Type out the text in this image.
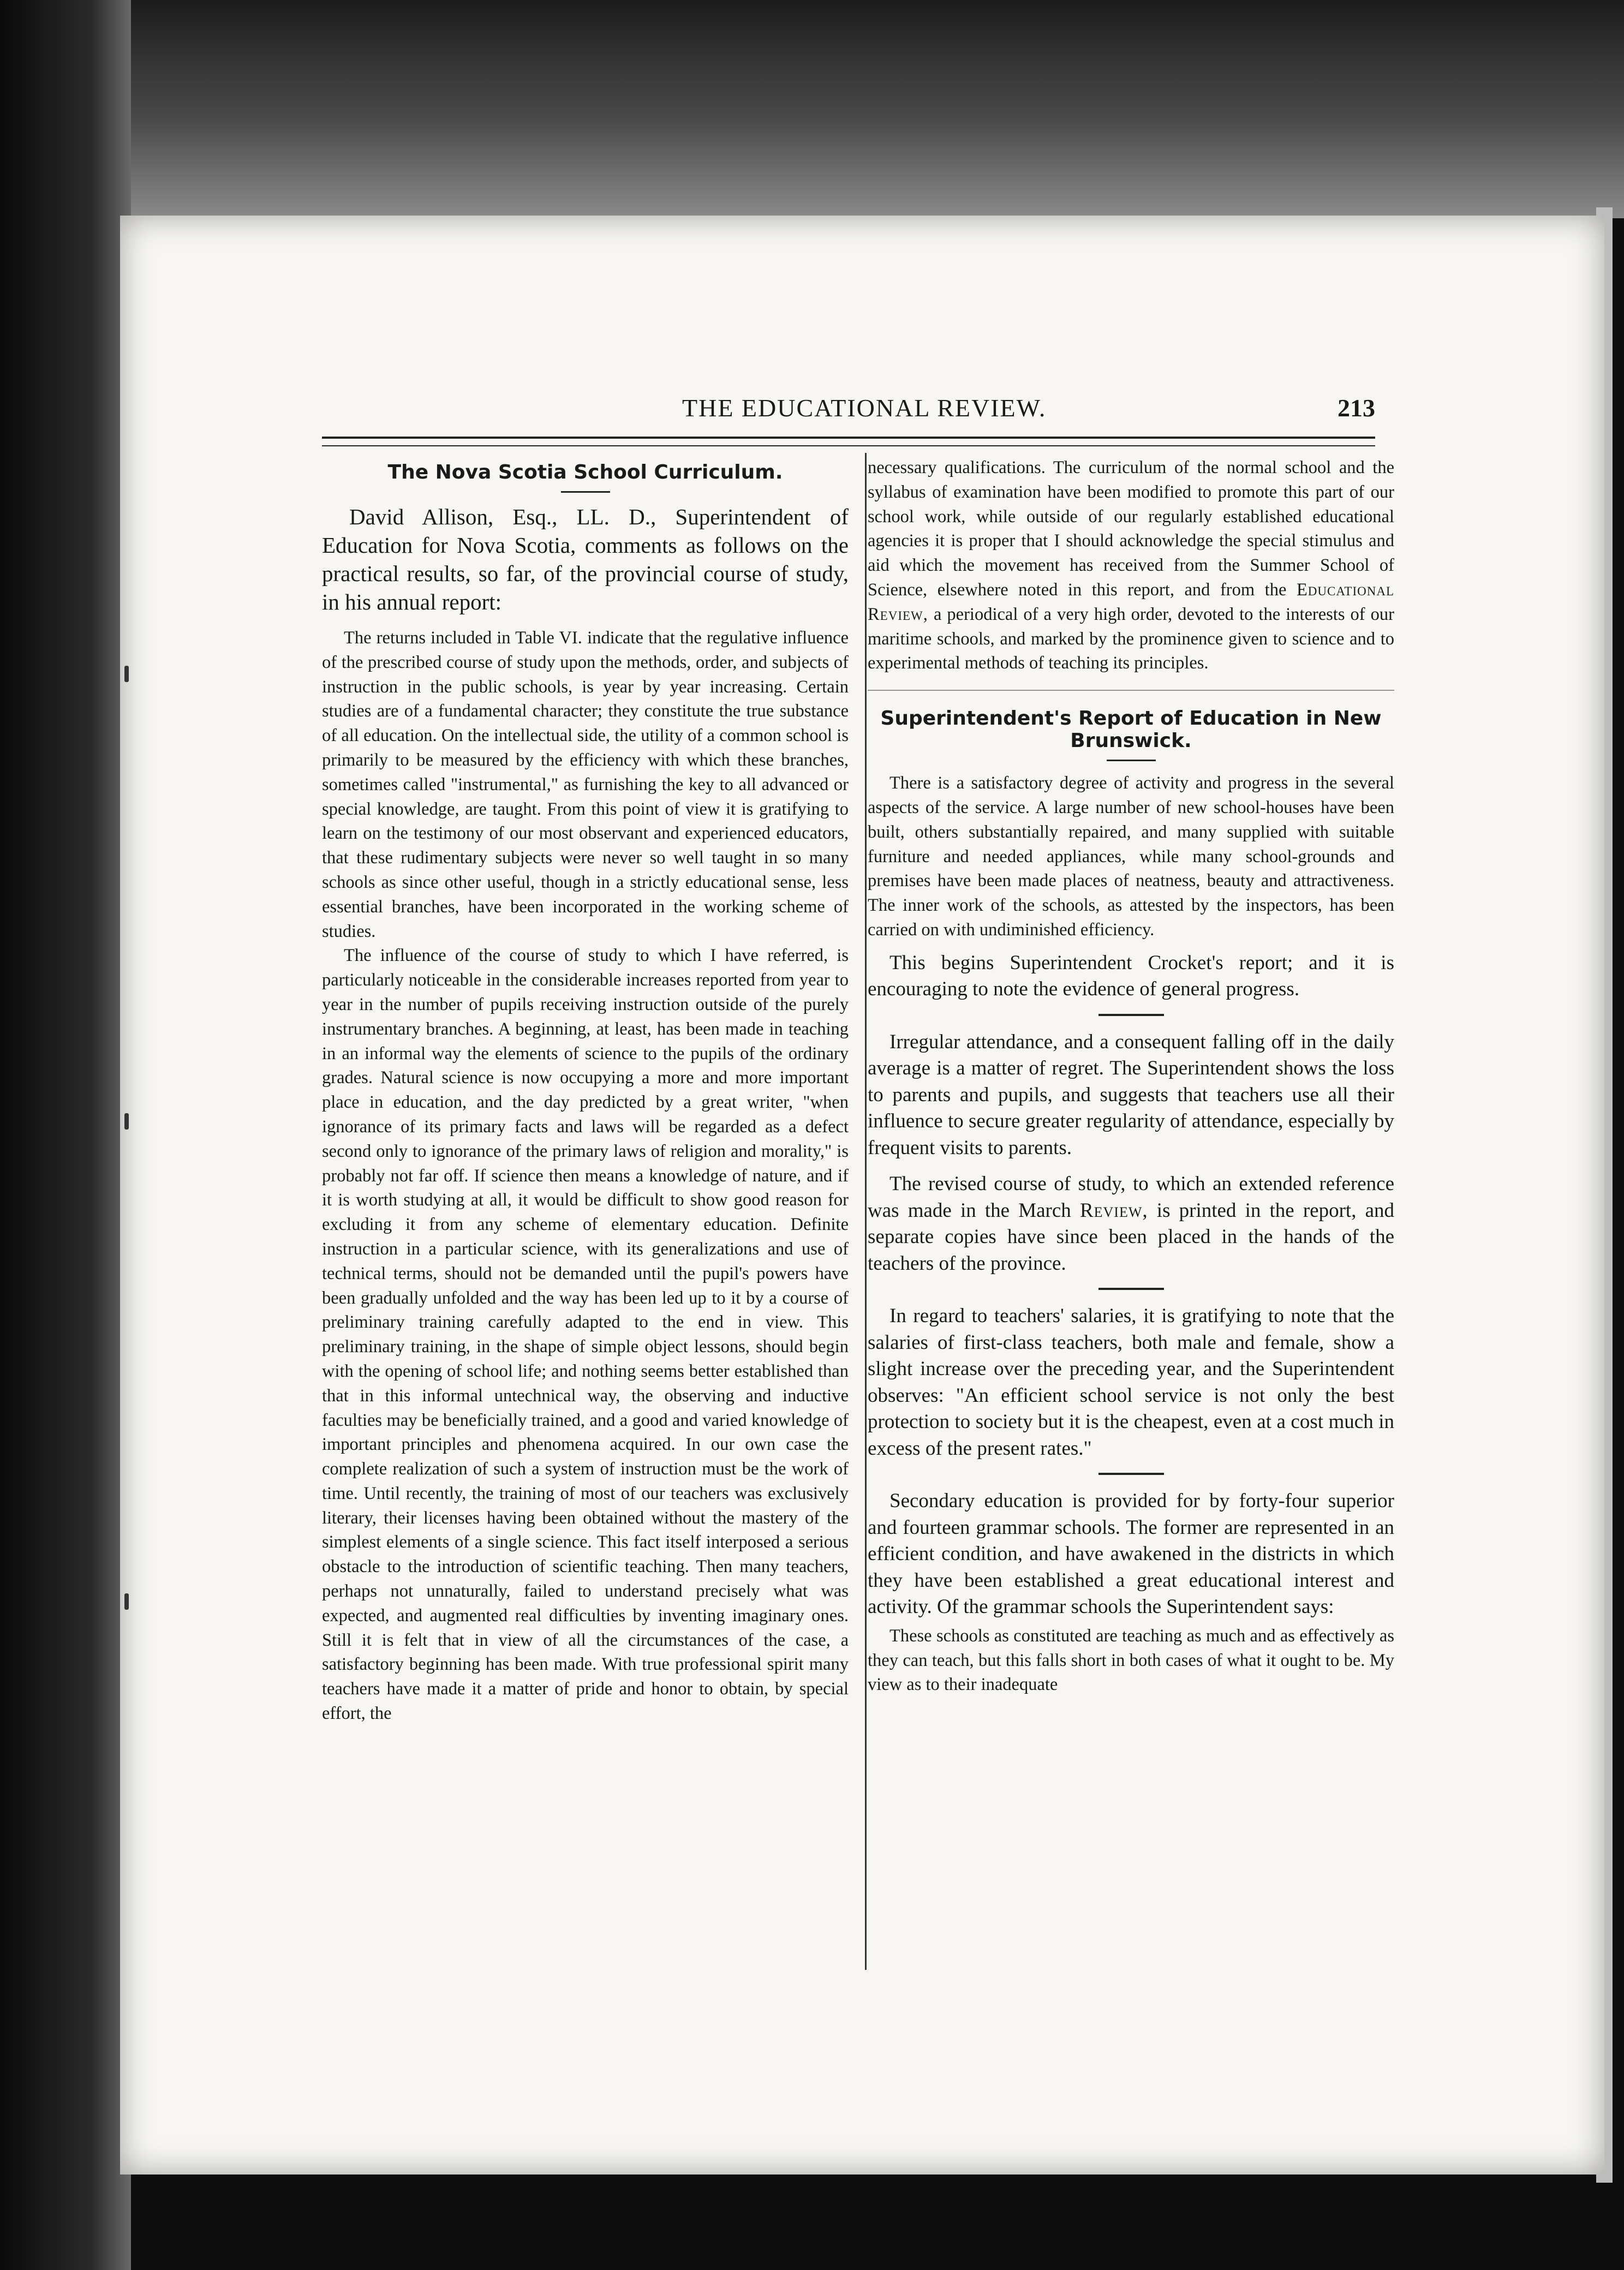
THE EDUCATIONAL REVIEW.	213
The Nova Scotia School Curriculum.

David Allison, Esq., LL. D., Superintendent of Education for Nova Scotia, comments as follows on the practical results, so far, of the provincial course of study, in his annual report:

The returns included in Table VI. indicate that the regulative influence of the prescribed course of study upon the methods, order, and subjects of instruction in the public schools, is year by year increasing. Certain studies are of a fundamental character; they constitute the true substance of all education. On the intellectual side, the utility of a common school is primarily to be measured by the efficiency with which these branches, sometimes called "instrumental," as furnishing the key to all advanced or special knowledge, are taught. From this point of view it is gratifying to learn on the testimony of our most observant and experienced educators, that these rudimentary subjects were never so well taught in so many schools as since other useful, though in a strictly educational sense, less essential branches, have been incorporated in the working scheme of studies.

The influence of the course of study to which I have referred, is particularly noticeable in the considerable increases reported from year to year in the number of pupils receiving instruction outside of the purely instrumentary branches. A beginning, at least, has been made in teaching in an informal way the elements of science to the pupils of the ordinary grades. Natural science is now occupying a more and more important place in education, and the day predicted by a great writer, "when ignorance of its primary facts and laws will be regarded as a defect second only to ignorance of the primary laws of religion and morality," is probably not far off. If science then means a knowledge of nature, and if it is worth studying at all, it would be difficult to show good reason for excluding it from any scheme of elementary education. Definite instruction in a particular science, with its generalizations and use of technical terms, should not be demanded until the pupil's powers have been gradually unfolded and the way has been led up to it by a course of preliminary training carefully adapted to the end in view. This preliminary training, in the shape of simple object lessons, should begin with the opening of school life; and nothing seems better established than that in this informal untechnical way, the observing and inductive faculties may be beneficially trained, and a good and varied knowledge of important principles and phenomena acquired. In our own case the complete realization of such a system of instruction must be the work of time. Until recently, the training of most of our teachers was exclusively literary, their licenses having been obtained without the mastery of the simplest elements of a single science. This fact itself interposed a serious obstacle to the introduction of scientific teaching. Then many teachers, perhaps not unnaturally, failed to understand precisely what was expected, and augmented real difficulties by inventing imaginary ones. Still it is felt that in view of all the circumstances of the case, a satisfactory beginning has been made. With true professional spirit many teachers have made it a matter of pride and honor to obtain, by special effort, the

necessary qualifications. The curriculum of the normal school and the syllabus of examination have been modified to promote this part of our school work, while outside of our regularly established educational agencies it is proper that I should acknowledge the special stimulus and aid which the movement has received from the Summer School of Science, elsewhere noted in this report, and from the Educational Review, a periodical of a very high order, devoted to the interests of our maritime schools, and marked by the prominence given to science and to experimental methods of teaching its principles.

Superintendent's Report of Education in New Brunswick.

There is a satisfactory degree of activity and progress in the several aspects of the service. A large number of new school-houses have been built, others substantially repaired, and many supplied with suitable furniture and needed appliances, while many school-grounds and premises have been made places of neatness, beauty and attractiveness. The inner work of the schools, as attested by the inspectors, has been carried on with undiminished efficiency.

This begins Superintendent Crocket's report; and it is encouraging to note the evidence of general progress.

Irregular attendance, and a consequent falling off in the daily average is a matter of regret. The Superintendent shows the loss to parents and pupils, and suggests that teachers use all their influence to secure greater regularity of attendance, especially by frequent visits to parents.

The revised course of study, to which an extended reference was made in the March Review, is printed in the report, and separate copies have since been placed in the hands of the teachers of the province.

In regard to teachers' salaries, it is gratifying to note that the salaries of first-class teachers, both male and female, show a slight increase over the preceding year, and the Superintendent observes: "An efficient school service is not only the best protection to society but it is the cheapest, even at a cost much in excess of the present rates."

Secondary education is provided for by forty-four superior and fourteen grammar schools. The former are represented in an efficient condition, and have awakened in the districts in which they have been established a great educational interest and activity. Of the grammar schools the Superintendent says:

These schools as constituted are teaching as much and as effectively as they can teach, but this falls short in both cases of what it ought to be. My view as to their inadequate
